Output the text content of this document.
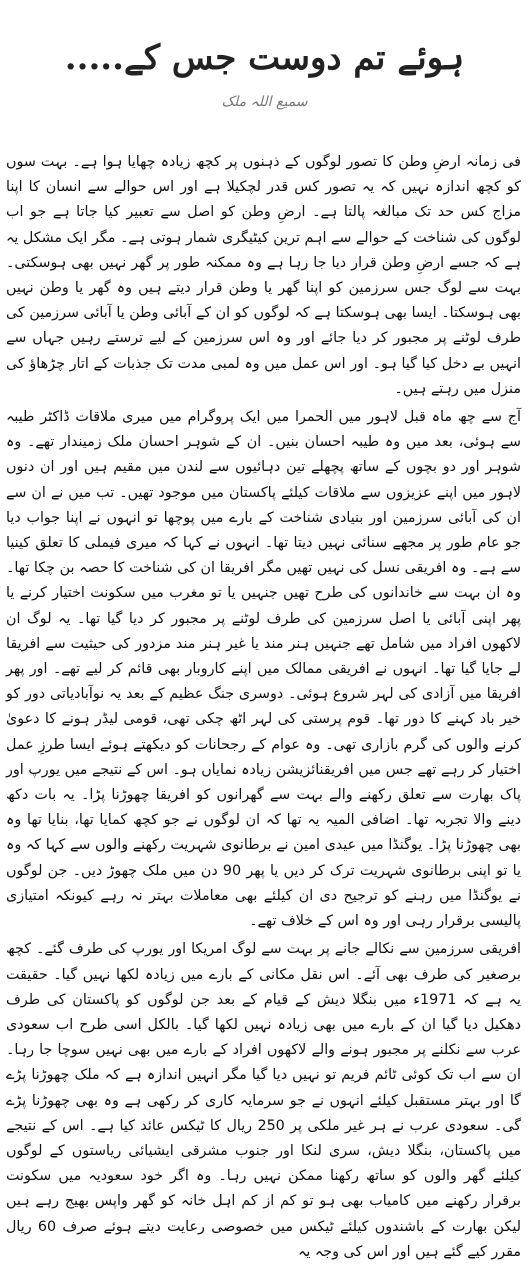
ہوئے تم دوست جس کے.....
سمیع اللہ ملک

فی زمانہ ارضِ وطن کا تصور لوگوں کے ذہنوں پر کچھ زیادہ چھایا ہوا ہے۔ بہت سوں کو کچھ اندازہ نہیں کہ یہ تصور کس قدر لچکیلا ہے اور اس حوالے سے انسان کا اپنا مزاج کس حد تک مبالغہ پالتا ہے۔ ارضِ وطن کو اصل سے تعبیر کیا جاتا ہے جو اب لوگوں کی شناخت کے حوالے سے اہم ترین کیٹیگری شمار ہوتی ہے۔ مگر ایک مشکل یہ ہے کہ جسے ارضِ وطن قرار دیا جا رہا ہے وہ ممکنہ طور پر گھر نہیں بھی ہوسکتی۔ بہت سے لوگ جس سرزمین کو اپنا گھر یا وطن قرار دیتے ہیں وہ گھر یا وطن نہیں بھی ہوسکتا۔ ایسا بھی ہوسکتا ہے کہ لوگوں کو ان کے آبائی وطن یا آبائی سرزمین کی طرف لوٹنے پر مجبور کر دیا جائے اور وہ اس سرزمین کے لیے ترستے رہیں جہاں سے انہیں بے دخل کیا گیا ہو۔ اور اس عمل میں وہ لمبی مدت تک جذبات کے اتار چڑھاؤ کی منزل میں رہتے ہیں۔

آج سے چھ ماہ قبل لاہور میں الحمرا میں ایک پروگرام میں میری ملاقات ڈاکٹر طیبہ سے ہوئی، بعد میں وہ طیبہ احسان بنیں۔ ان کے شوہر احسان ملک زمیندار تھے۔ وہ شوہر اور دو بچوں کے ساتھ پچھلے تین دہائیوں سے لندن میں مقیم ہیں اور ان دنوں لاہور میں اپنے عزیزوں سے ملاقات کیلئے پاکستان میں موجود تھیں۔ تب میں نے ان سے ان کی آبائی سرزمین اور بنیادی شناخت کے بارے میں پوچھا تو انہوں نے اپنا جواب دیا جو عام طور پر مجھے سنائی نہیں دیتا تھا۔ انہوں نے کہا کہ میری فیملی کا تعلق کینیا سے ہے۔ وہ افریقی نسل کی نہیں تھیں مگر افریقا ان کی شناخت کا حصہ بن چکا تھا۔ وہ ان بہت سے خاندانوں کی طرح تھیں جنہیں یا تو مغرب میں سکونت اختیار کرنے یا پھر اپنی آبائی یا اصل سرزمین کی طرف لوٹنے پر مجبور کر دیا گیا تھا۔ یہ لوگ ان لاکھوں افراد میں شامل تھے جنہیں ہنر مند یا غیر ہنر مند مزدور کی حیثیت سے افریقا لے جایا گیا تھا۔ انہوں نے افریقی ممالک میں اپنے کاروبار بھی قائم کر لیے تھے۔ اور پھر افریقا میں آزادی کی لہر شروع ہوئی۔ دوسری جنگ عظیم کے بعد یہ نوآبادیاتی دور کو خیر باد کہنے کا دور تھا۔ قوم پرستی کی لہر اٹھ چکی تھی، قومی لیڈر ہونے کا دعویٰ کرنے والوں کی گرم بازاری تھی۔ وہ عوام کے رجحانات کو دیکھتے ہوئے ایسا طرزِ عمل اختیار کر رہے تھے جس میں افریقنائزیشن زیادہ نمایاں ہو۔ اس کے نتیجے میں یورپ اور پاک بھارت سے تعلق رکھنے والے بہت سے گھرانوں کو افریقا چھوڑنا پڑا۔ یہ بات دکھ دینے والا تجربہ تھا۔ اضافی المیہ یہ تھا کہ ان لوگوں نے جو کچھ کمایا تھا، بنایا تھا وہ بھی چھوڑنا پڑا۔ یوگنڈا میں عیدی امین نے برطانوی شہریت رکھنے والوں سے کہا کہ وہ یا تو اپنی برطانوی شہریت ترک کر دیں یا پھر 90 دن میں ملک چھوڑ دیں۔ جن لوگوں نے یوگنڈا میں رہنے کو ترجیح دی ان کیلئے بھی معاملات بہتر نہ رہے کیونکہ امتیازی پالیسی برقرار رہی اور وہ اس کے خلاف تھے۔

افریقی سرزمین سے نکالے جانے پر بہت سے لوگ امریکا اور یورپ کی طرف گئے۔ کچھ برصغیر کی طرف بھی آئے۔ اس نقل مکانی کے بارے میں زیادہ لکھا نہیں گیا۔ حقیقت یہ ہے کہ 1971ء میں بنگلا دیش کے قیام کے بعد جن لوگوں کو پاکستان کی طرف دھکیل دیا گیا ان کے بارے میں بھی زیادہ نہیں لکھا گیا۔ بالکل اسی طرح اب سعودی عرب سے نکلنے پر مجبور ہونے والے لاکھوں افراد کے بارے میں بھی نہیں سوچا جا رہا۔ ان سے اب تک کوئی ٹائم فریم تو نہیں دیا گیا مگر انہیں اندازہ ہے کہ ملک چھوڑنا پڑے گا اور بہتر مستقبل کیلئے انہوں نے جو سرمایہ کاری کر رکھی ہے وہ بھی چھوڑنا پڑے گی۔ سعودی عرب نے ہر غیر ملکی پر 250 ریال کا ٹیکس عائد کیا ہے۔ اس کے نتیجے میں پاکستان، بنگلا دیش، سری لنکا اور جنوب مشرقی ایشیائی ریاستوں کے لوگوں کیلئے گھر والوں کو ساتھ رکھنا ممکن نہیں رہا۔ وہ اگر خود سعودیہ میں سکونت برقرار رکھنے میں کامیاب بھی ہو تو کم از کم اہل خانہ کو گھر واپس بھیج رہے ہیں لیکن بھارت کے باشندوں کیلئے ٹیکس میں خصوصی رعایت دیتے ہوئے صرف 60 ریال مقرر کیے گئے ہیں اور اس کی وجہ یہ
